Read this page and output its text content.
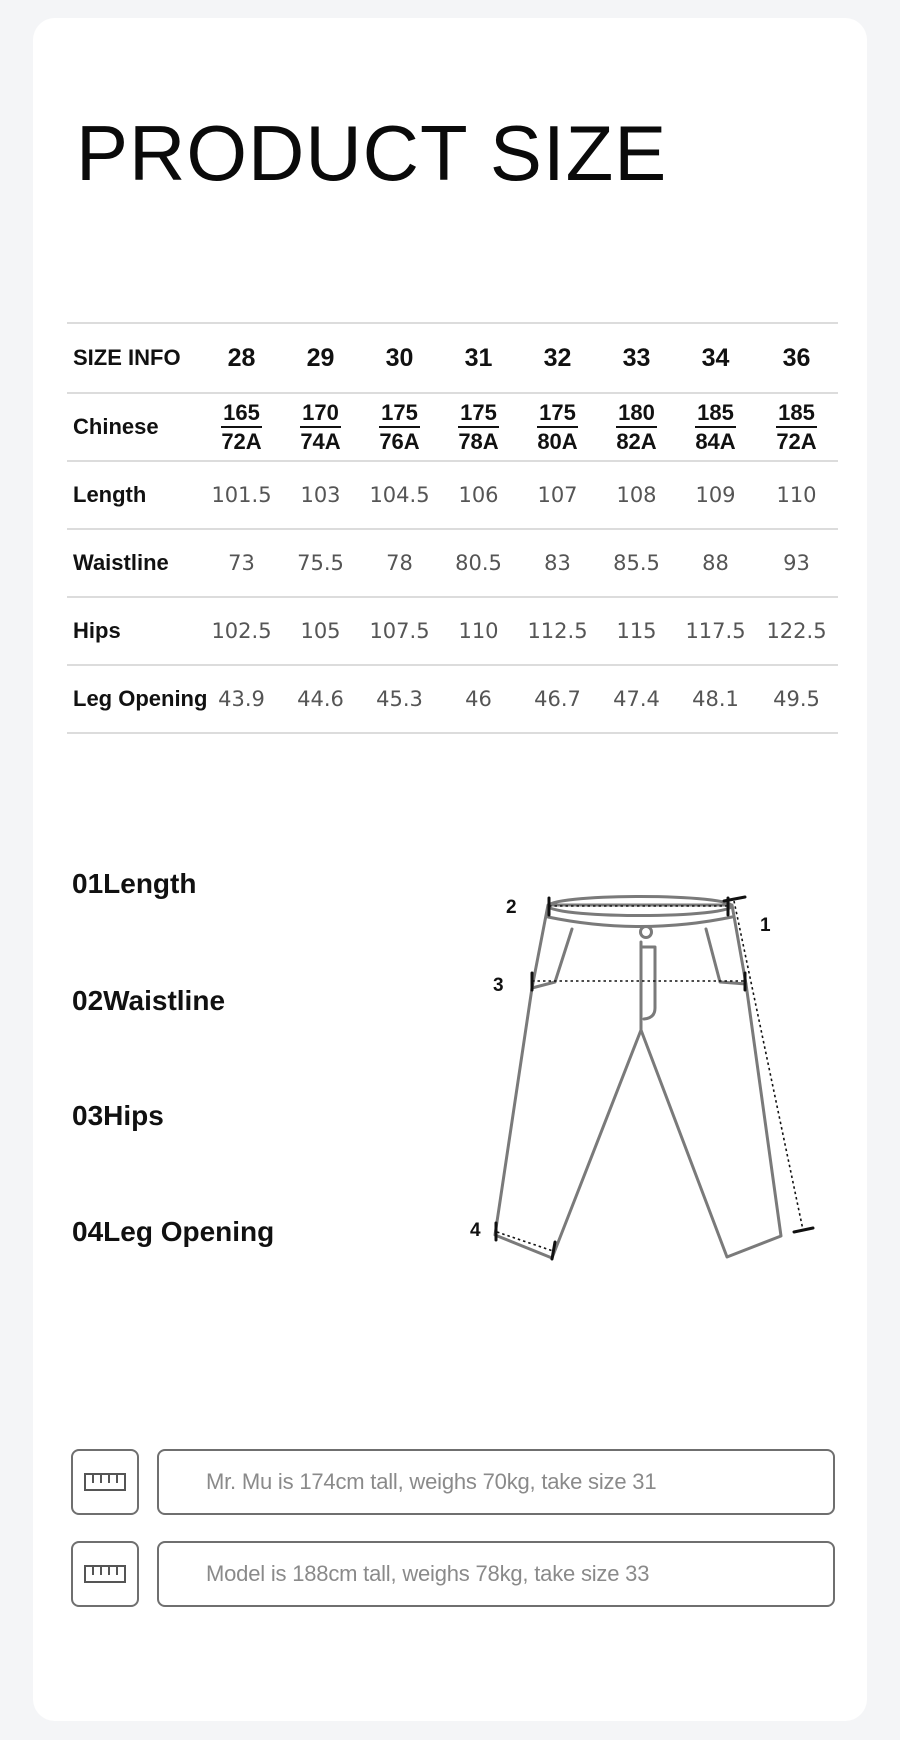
PRODUCT SIZE
SIZE INFO	28	29	30	31	32	33	34	36
Chinese	$\frac{165}{72A}$	$\frac{170}{74A}$	$\frac{175}{76A}$	$\frac{175}{78A}$	$\frac{175}{80A}$	$\frac{180}{82A}$	$\frac{185}{84A}$	$\frac{185}{72A}$

Length	101.5	103	104.5	106	107	108	109	110
Waistline	73	75.5	78	80.5	83	85.5	88	93
Hips	102.5	105	107.5	110	112.5	115	117.5	122.5
Leg Opening	43.9	44.6	45.3	46	46.7	47.4	48.1	49.5
01Length
02Waistline
03Hips
04Leg Opening
1
2
3
4
Mr. Mu is 174cm tall, weighs 70kg, take size 31
Model is 188cm tall, weighs 78kg, take size 33
